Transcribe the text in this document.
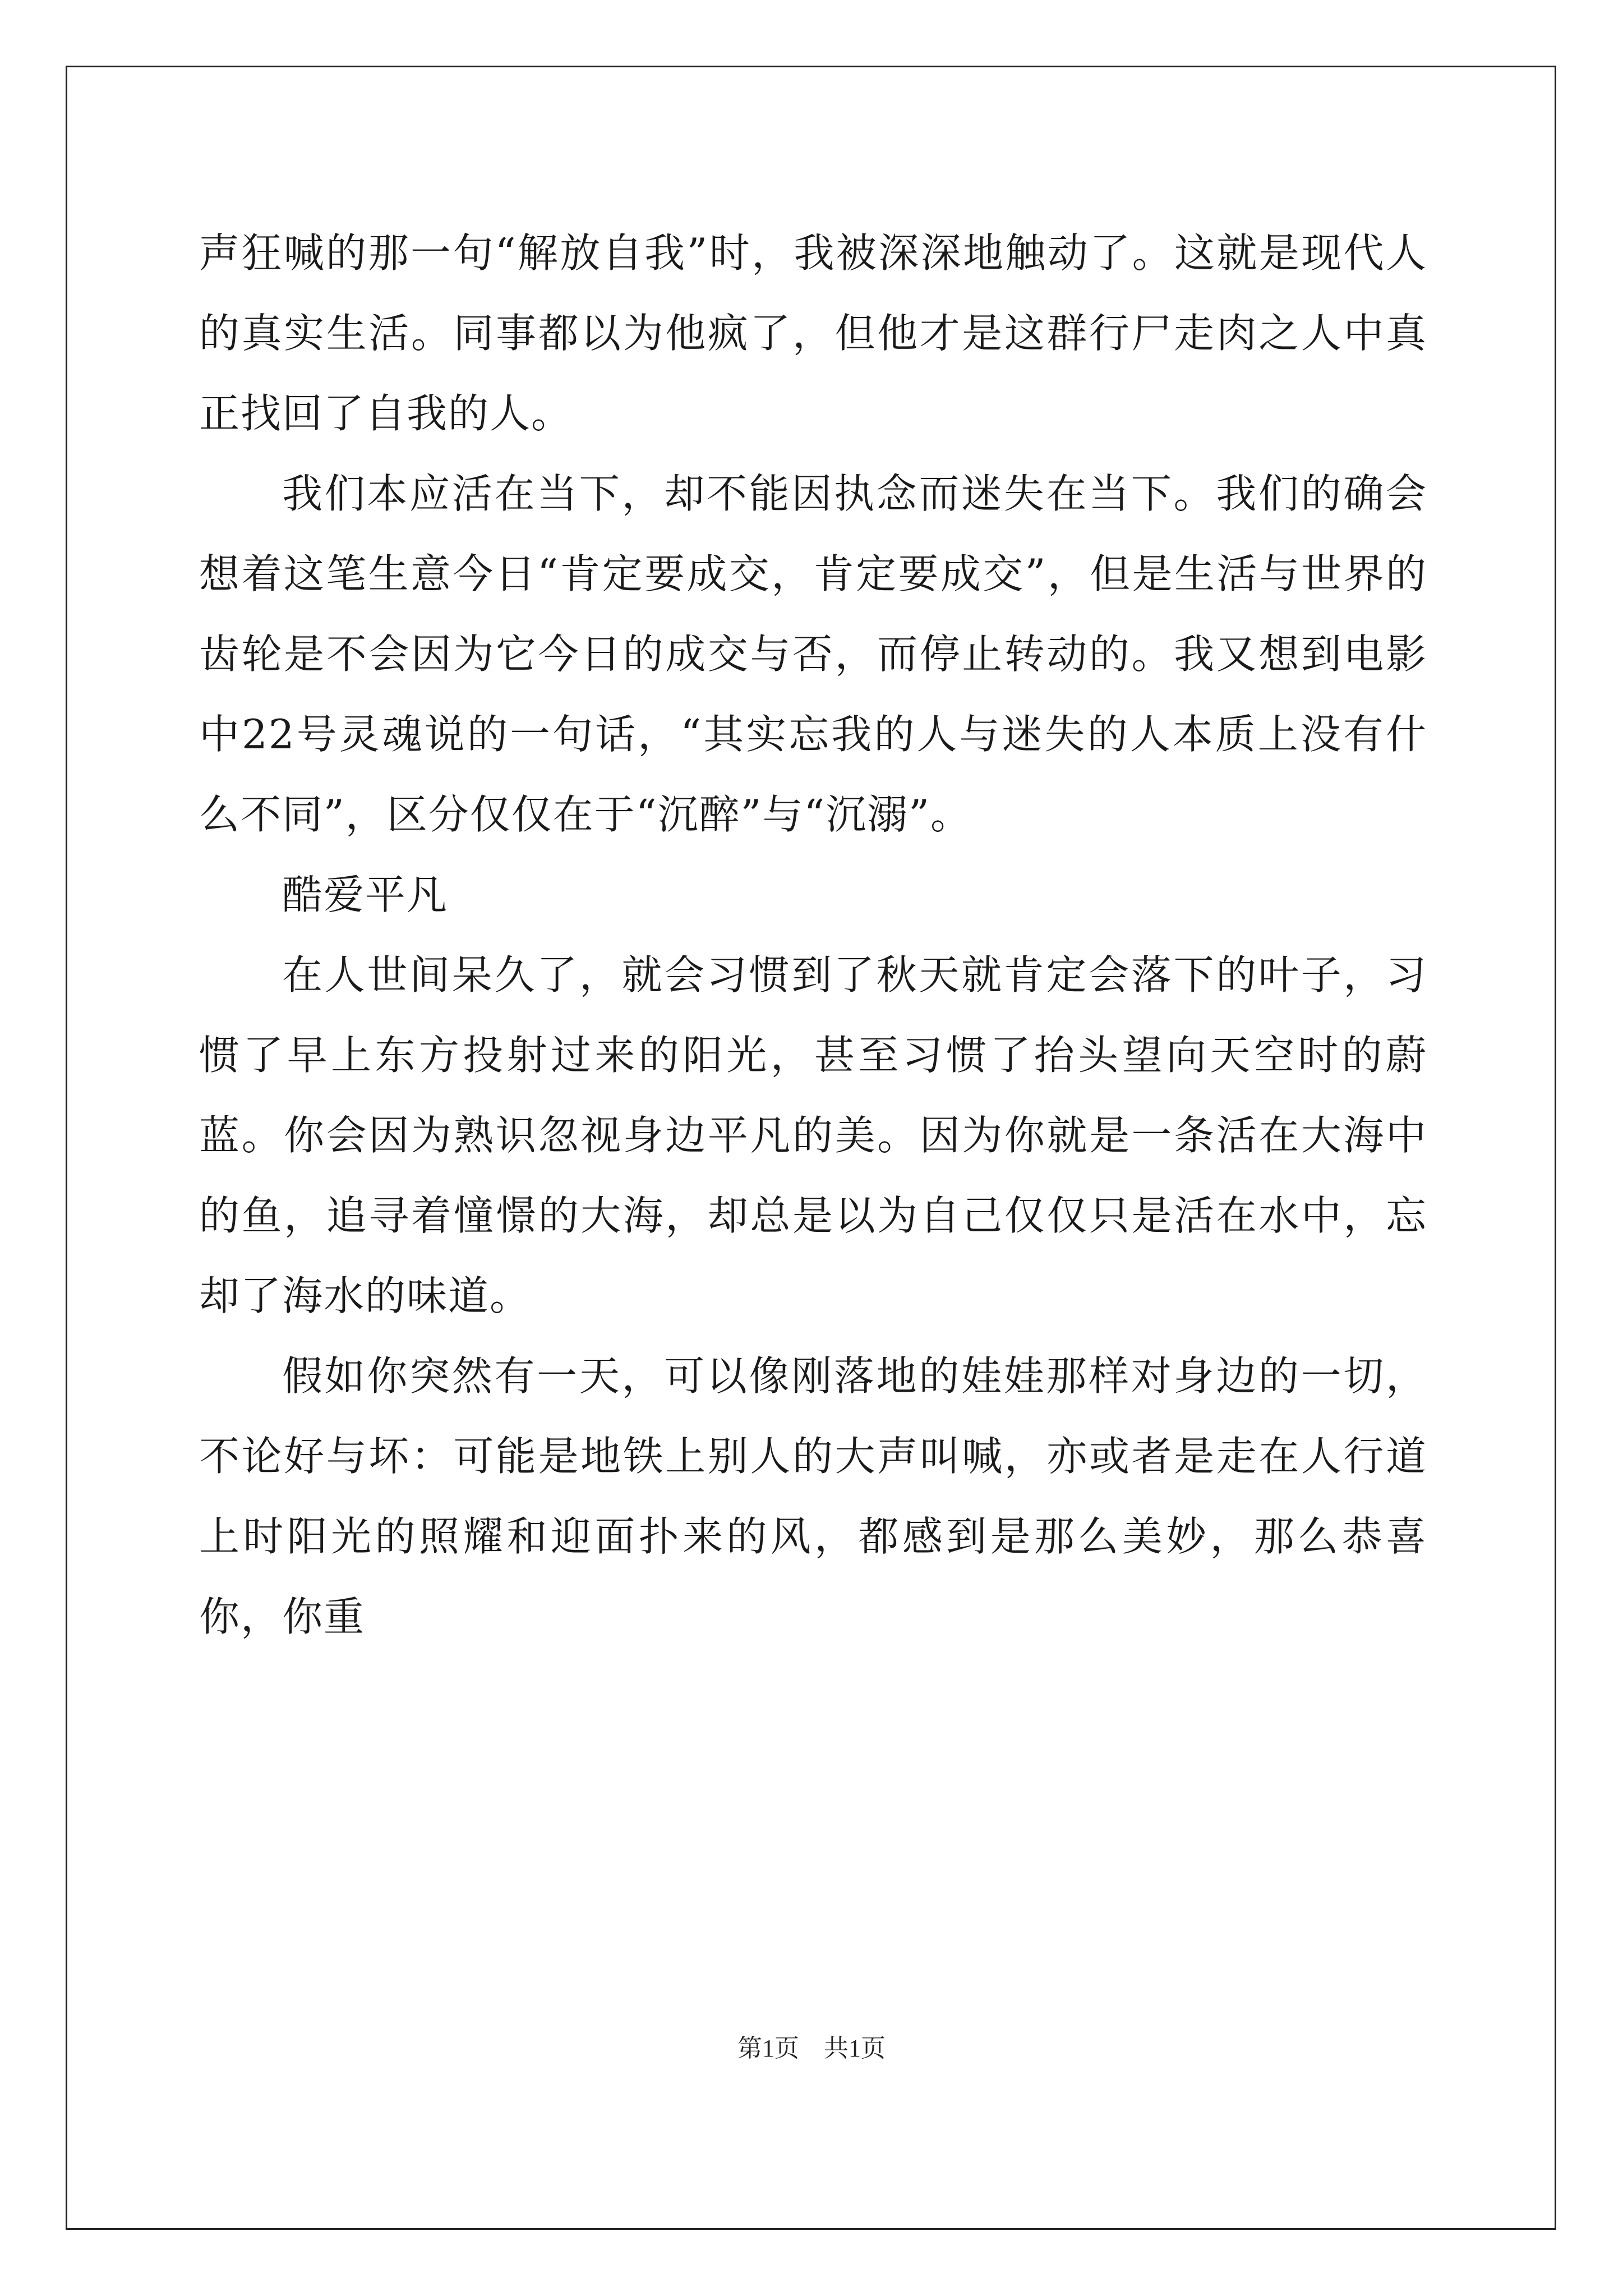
声狂喊的那一句“解放自我”时，我被深深地触动了。这就是现代人的真实生活。同事都以为他疯了，但他才是这群行尸走肉之人中真正找回了自我的人。

我们本应活在当下，却不能因执念而迷失在当下。我们的确会想着这笔生意今日“肯定要成交，肯定要成交”，但是生活与世界的齿轮是不会因为它今日的成交与否，而停止转动的。我又想到电影中22号灵魂说的一句话，“其实忘我的人与迷失的人本质上没有什么不同”，区分仅仅在于“沉醉”与“沉溺”。

酷爱平凡

在人世间呆久了，就会习惯到了秋天就肯定会落下的叶子，习惯了早上东方投射过来的阳光，甚至习惯了抬头望向天空时的蔚蓝。你会因为熟识忽视身边平凡的美。因为你就是一条活在大海中的鱼，追寻着憧憬的大海，却总是以为自己仅仅只是活在水中，忘却了海水的味道。

假如你突然有一天，可以像刚落地的娃娃那样对身边的一切，不论好与坏：可能是地铁上别人的大声叫喊，亦或者是走在人行道上时阳光的照耀和迎面扑来的风，都感到是那么美妙，那么恭喜你，你重

第1页 共1页
